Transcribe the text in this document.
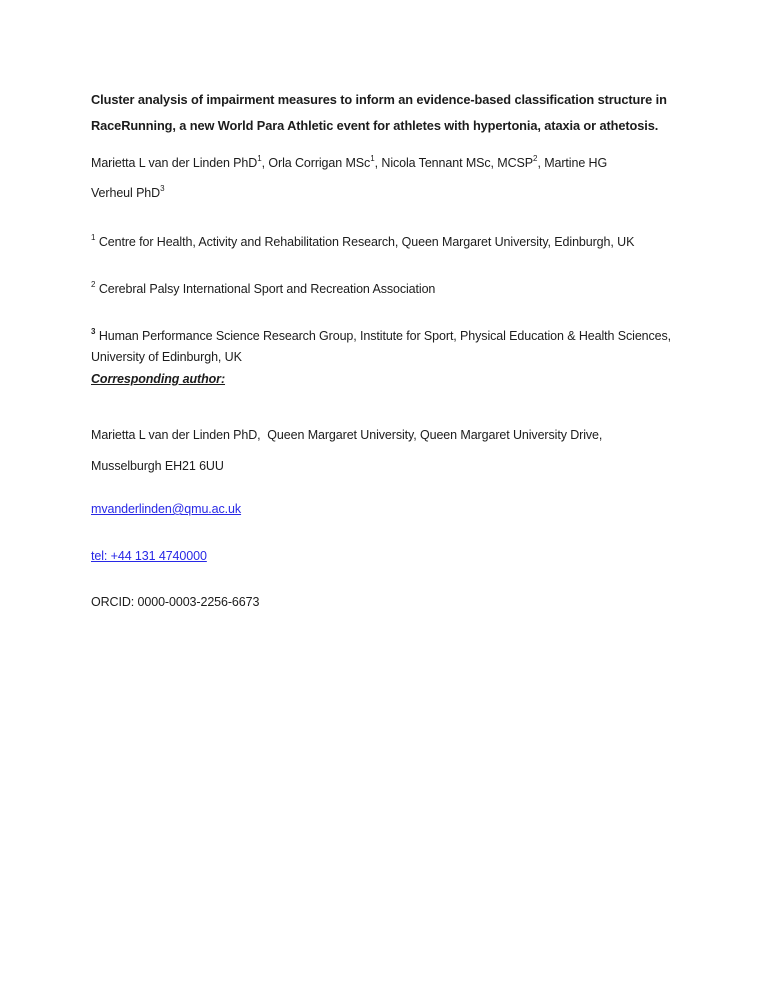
Cluster analysis of impairment measures to inform an evidence-based classification structure in
RaceRunning, a new World Para Athletic event for athletes with hypertonia, ataxia or athetosis.

Marietta L van der Linden PhD$^1$, Orla Corrigan MSc$^1$, Nicola Tennant MSc, MCSP$^2$, Martine HG
Verheul PhD$^3$

$^1$ Centre for Health, Activity and Rehabilitation Research, Queen Margaret University, Edinburgh, UK

$^2$ Cerebral Palsy International Sport and Recreation Association

$^3$ Human Performance Science Research Group, Institute for Sport, Physical Education & Health Sciences,
University of Edinburgh, UK

Corresponding author:

Marietta L van der Linden PhD,  Queen Margaret University, Queen Margaret University Drive,
Musselburgh EH21 6UU

mvanderlinden@qmu.ac.uk

tel: +44 131 4740000

ORCID: 0000-0003-2256-6673
